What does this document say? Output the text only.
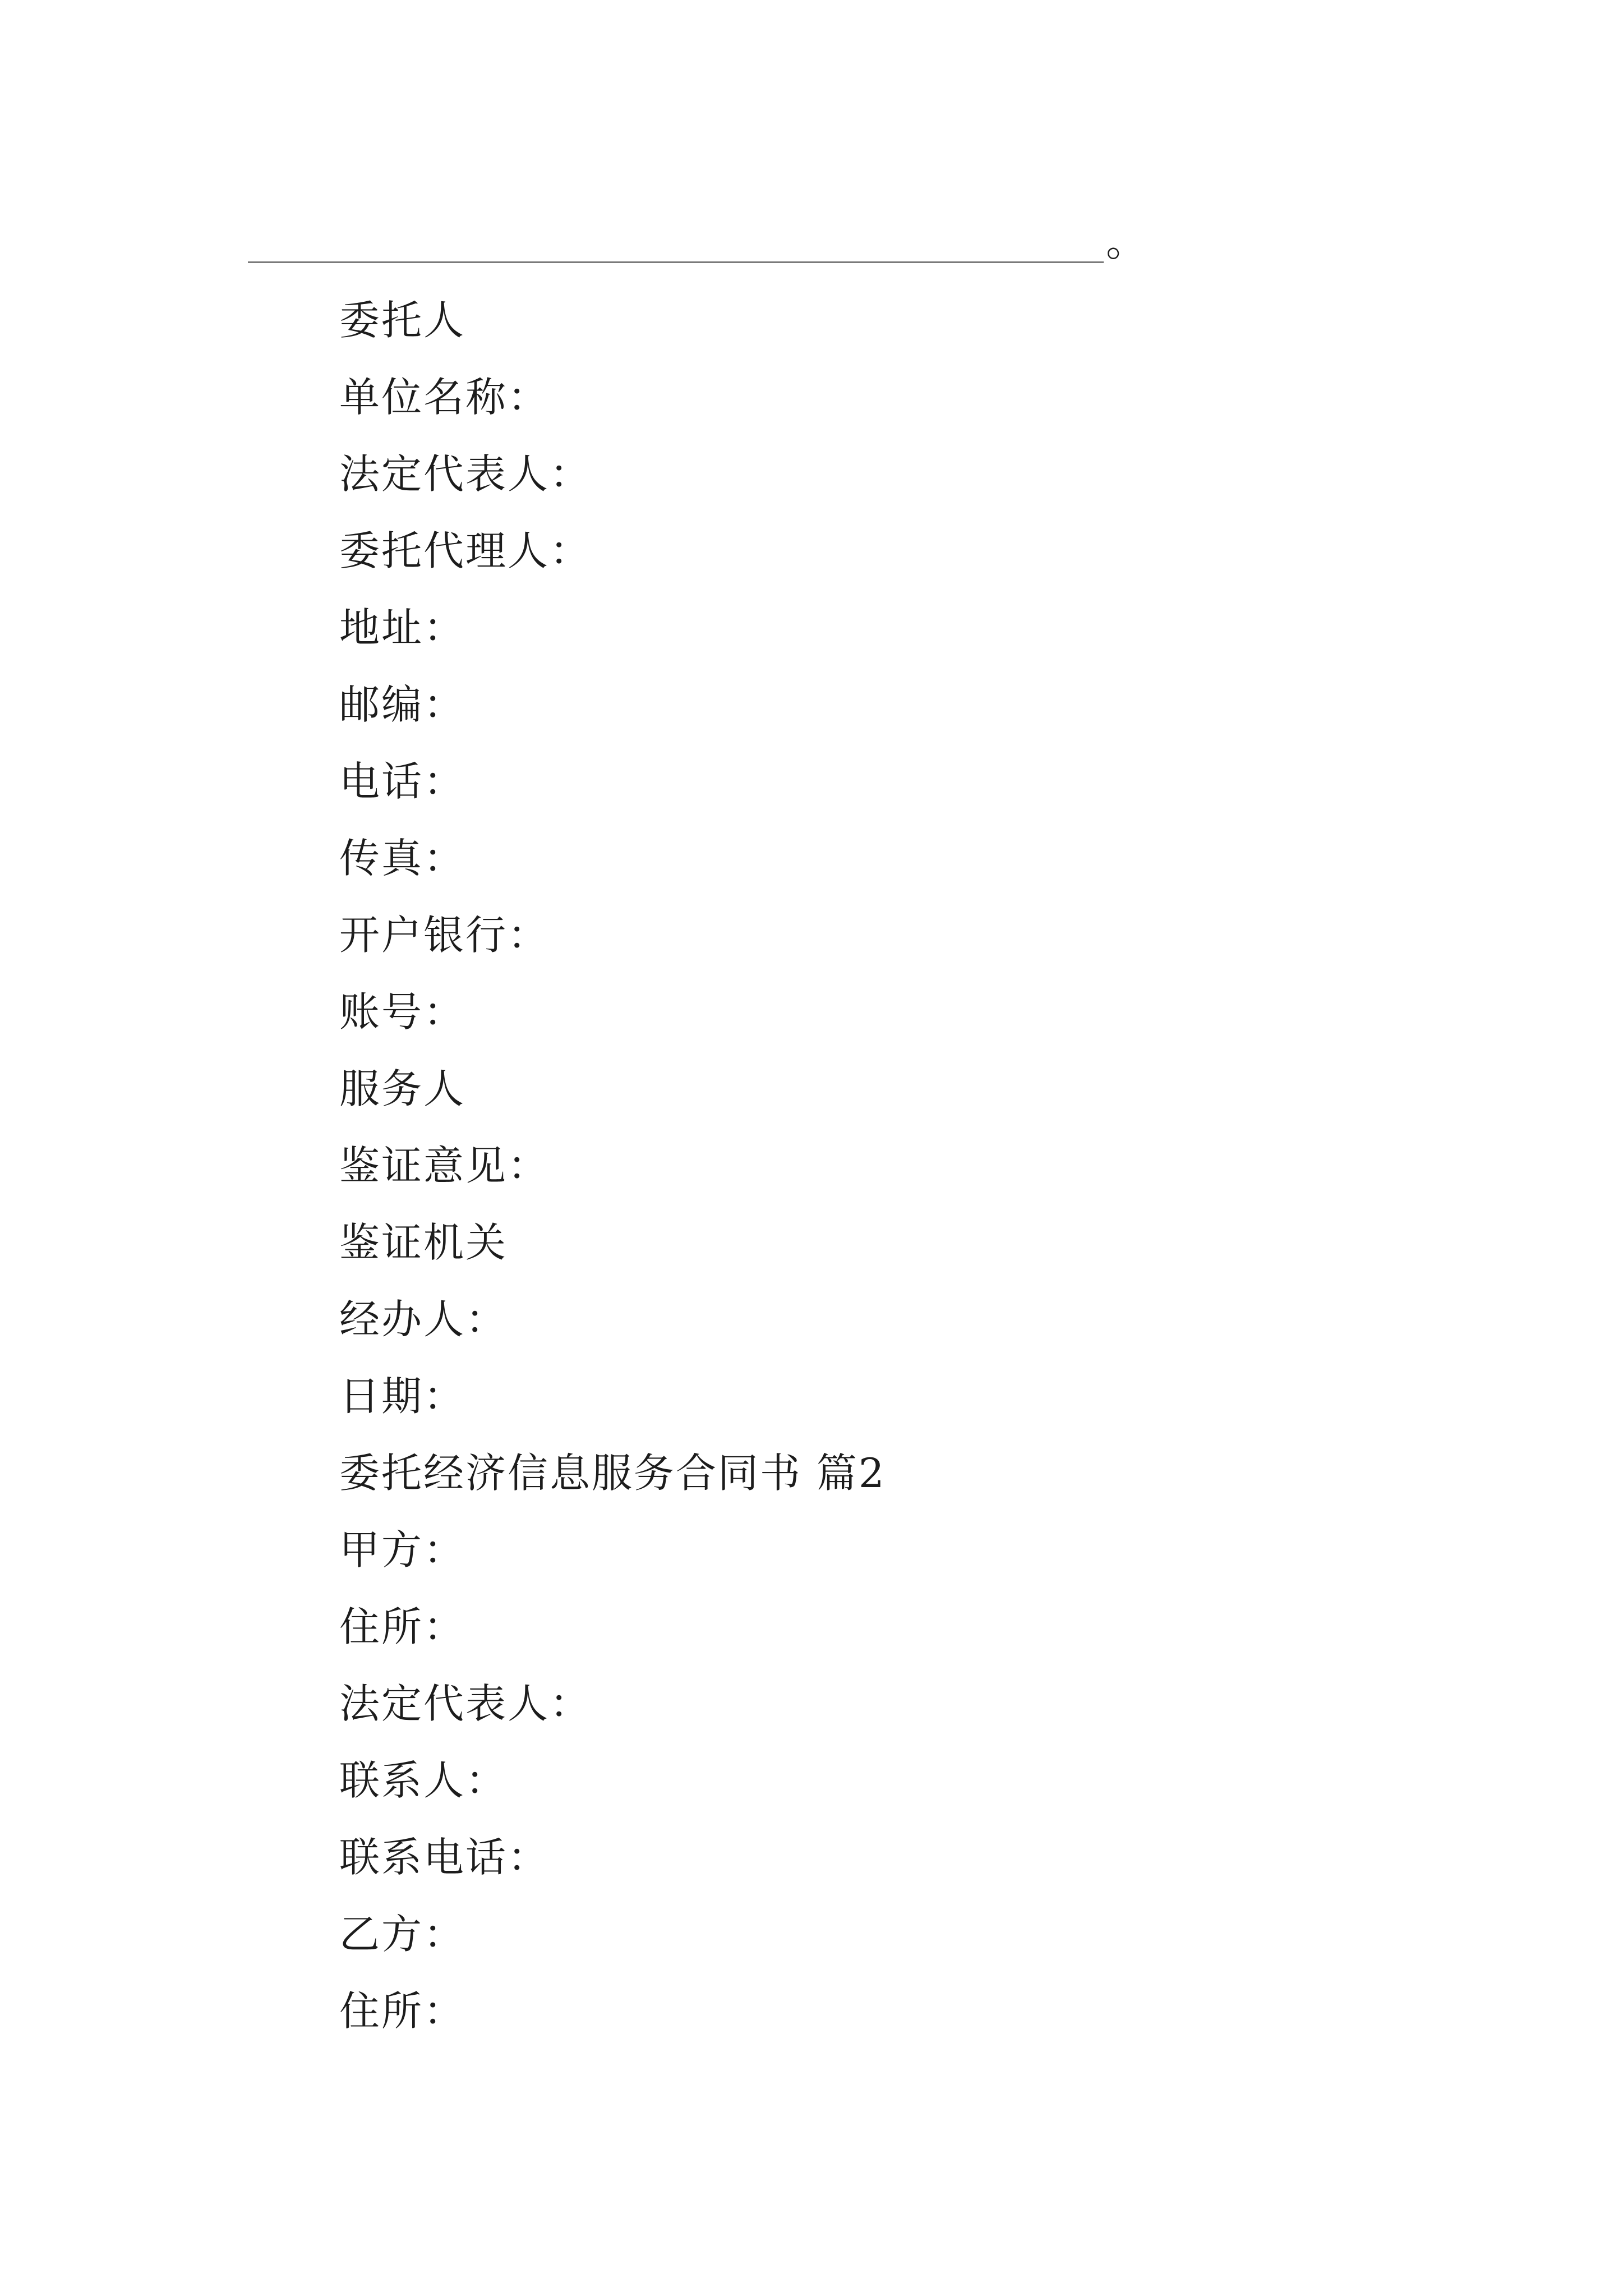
。
委托人
单位名称：
法定代表人：
委托代理人：
地址：
邮编：
电话：
传真：
开户银行：
账号：
服务人
鉴证意见：
鉴证机关
经办人：
日期：
委托经济信息服务合同书 篇2
甲方：
住所：
法定代表人：
联系人：
联系电话：
乙方：
住所：
